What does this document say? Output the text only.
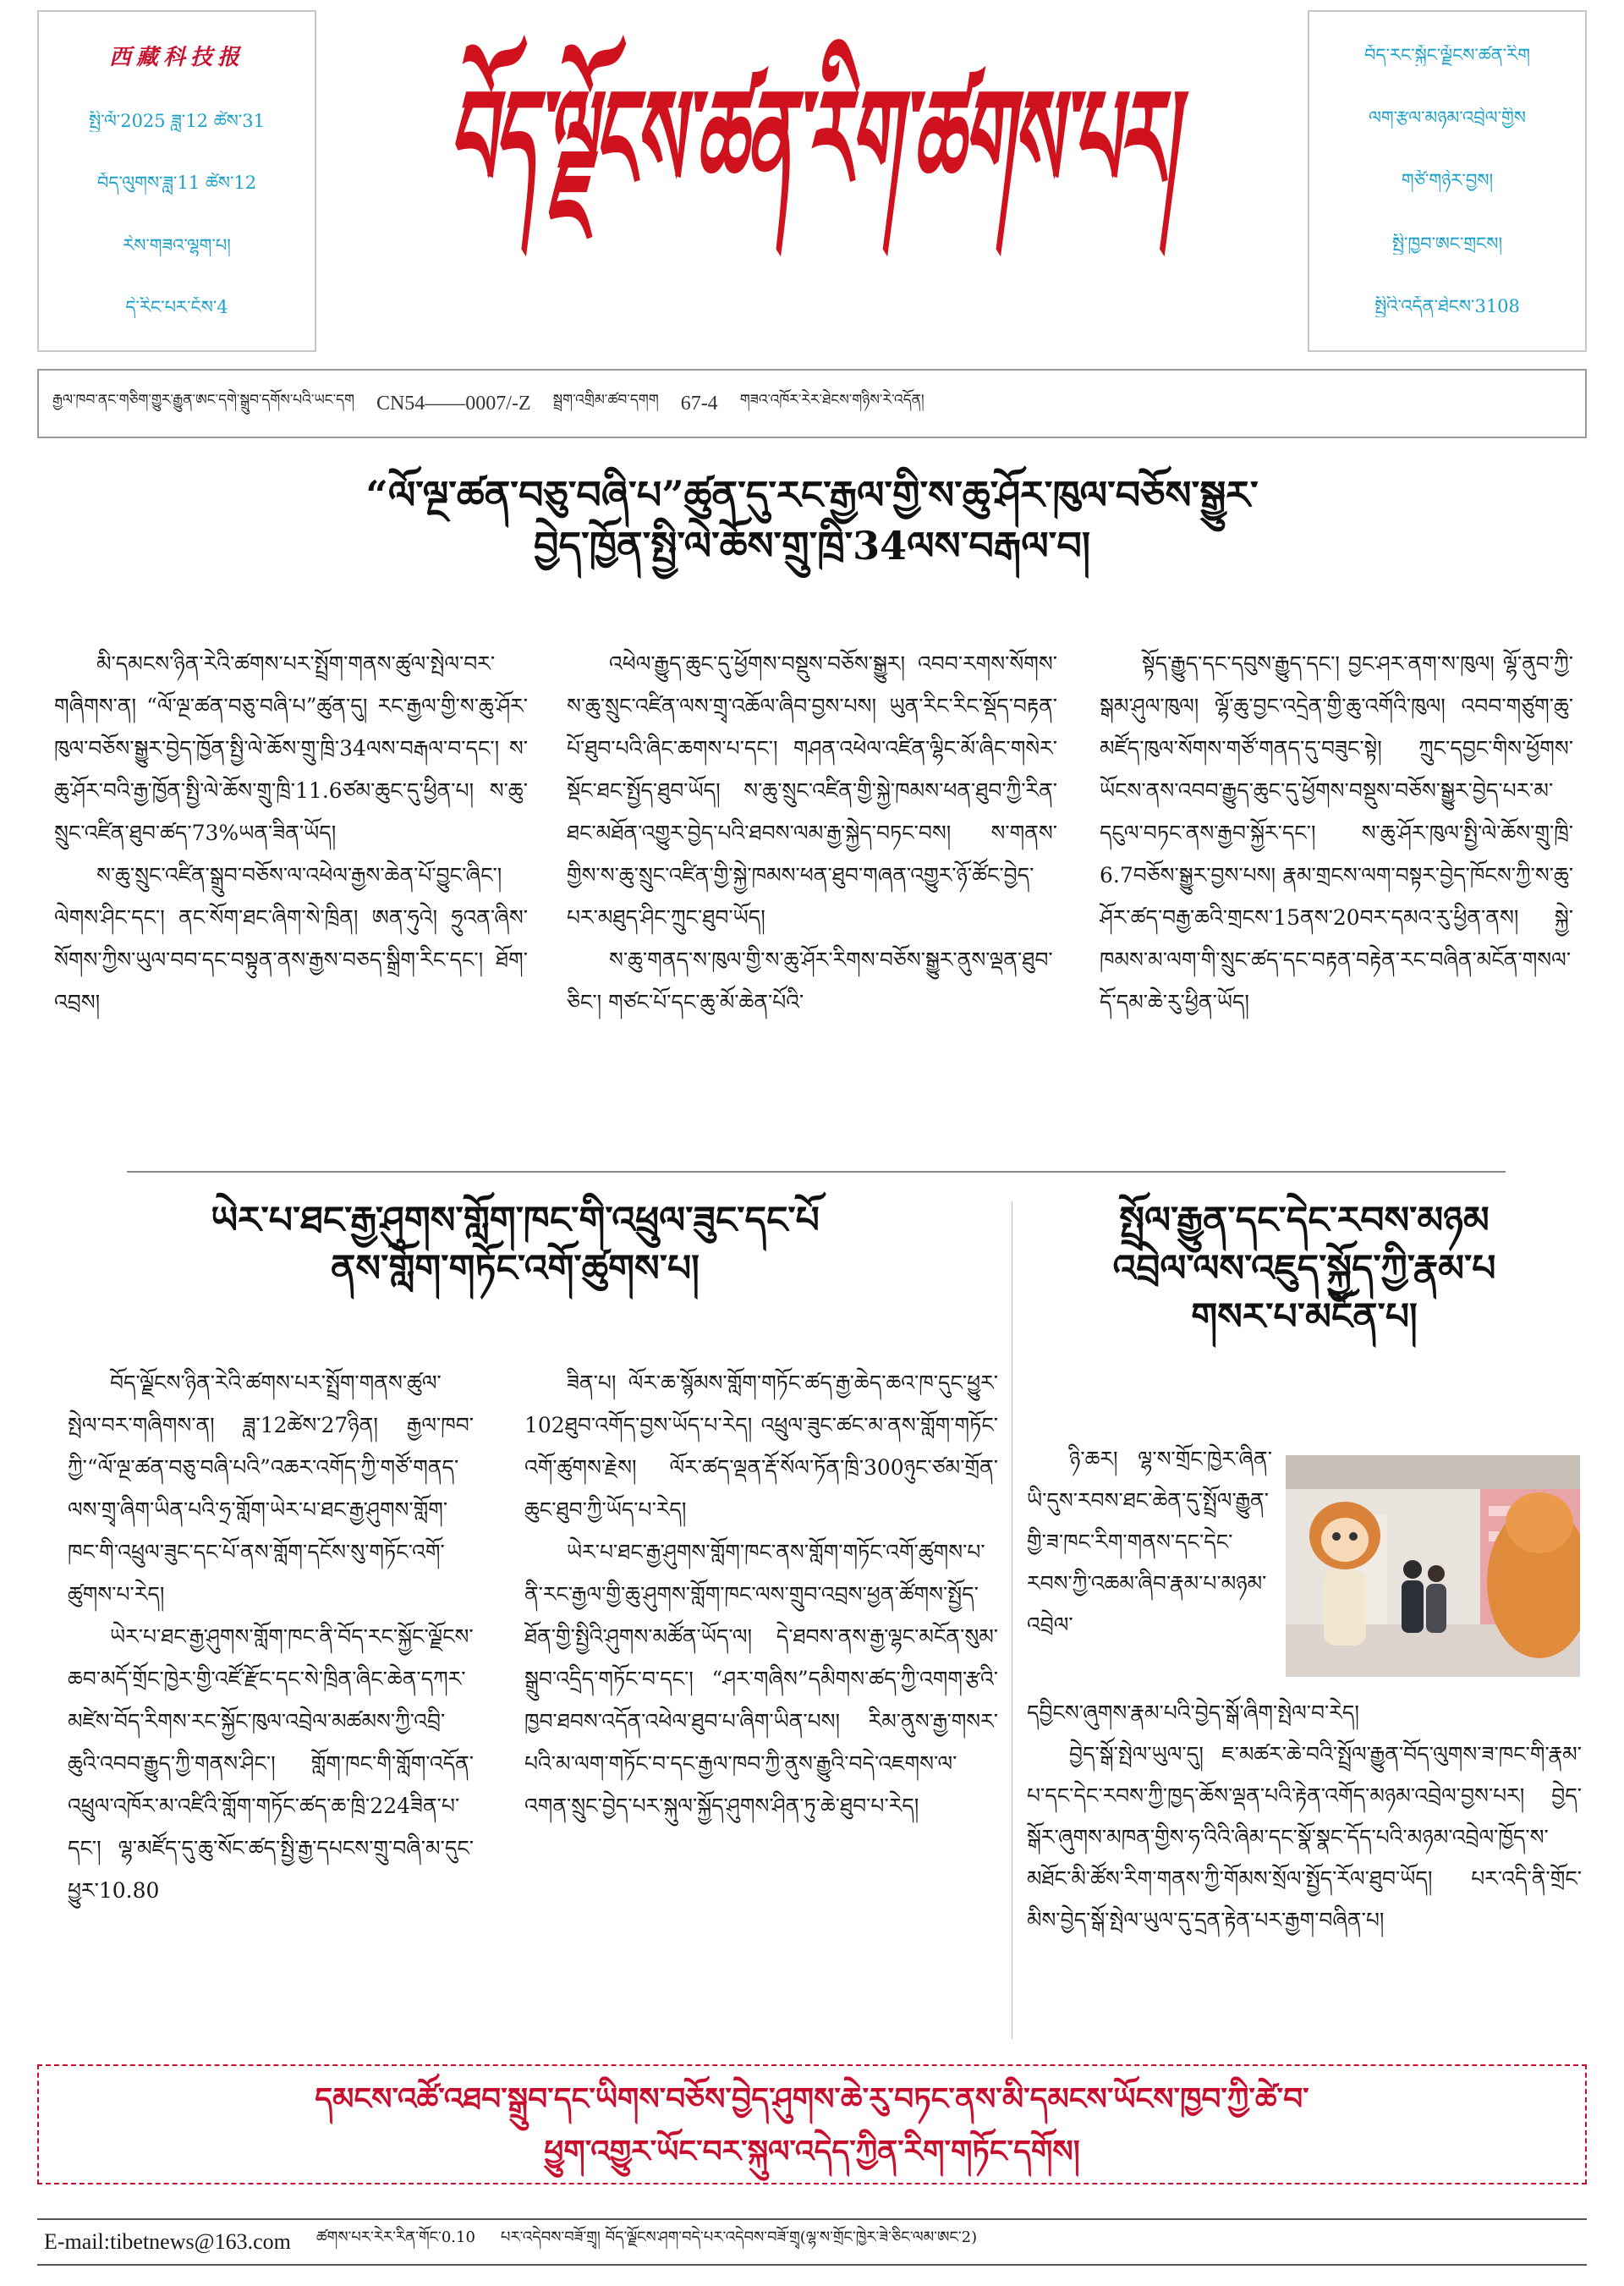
西藏科技报
སྤྱི་ལོ་2025 ཟླ་12 ཚེས་31
བོད་ལུགས་ཟླ་11 ཚེས་12
རེས་གཟའ་ལྷག་པ།
དེ་རིང་པར་ངོས་4
བོད་ལྗོངས་ཚན་རིག་ཚགས་པར།
བོད་རང་སྐྱོང་ལྗོངས་ཚན་རིག
ལག་རྩལ་མཉམ་འབྲེལ་གྱིས
གཙོ་གཉེར་བྱས།
སྤྱི་ཁྱབ་ཨང་གྲངས།
སྤྱིའི་འདོན་ཐེངས་3108
རྒྱལ་ཁབ་ནང་གཅིག་གྱུར་རྒྱུན་ཨང་དགེ་སྒྲུབ་དགོས་པའི་ཡང་དག CN54——0007/-Z སྦྲག་འགྲིམ་ཚབ་དགག 67-4 གཟའ་འཁོར་རེར་ཐེངས་གཉིས་རེ་འདོན།
“ལོ་ལྔ་ཚན་བཅུ་བཞི་པ”ཚུན་དུ་རང་རྒྱལ་གྱི་ས་ཆུ་ཤོར་ཁུལ་བཅོས་སྒྱུར་
བྱེད་ཁྱོན་སྤྱི་ལེ་ཆོས་གྲུ་ཁྲི་34ལས་བརྒལ་བ།

མི་དམངས་ཉིན་རེའི་ཚགས་པར་སྤྲོག་གནས་ཚུལ་སྤེལ་བར་གཞིགས་ན། “ལོ་ལྔ་ཚན་བཅུ་བཞི་པ”ཚུན་དུ། རང་རྒྱལ་གྱི་ས་ཆུ་ཤོར་ཁུལ་བཅོས་སྒྱུར་བྱེད་ཁྱོན་སྤྱི་ལེ་ཆོས་གྲུ་ཁྲི་34ལས་བརྒལ་བ་དང་། ས་ཆུ་ཤོར་བའི་རྒྱ་ཁྱོན་སྤྱི་ལེ་ཆོས་གྲུ་ཁྲི་11.6ཙམ་ཆུང་དུ་ཕྱིན་པ། ས་ཆུ་སྲུང་འཛིན་ཐུབ་ཚད་73%ཡན་ཟིན་ཡོད།

ས་ཆུ་སྲུང་འཛིན་སྒྲུབ་བཅོས་ལ་འཕེལ་རྒྱས་ཆེན་པོ་བྱུང་ཞིང་། ལེགས་ཤིང་དང་། ནང་སོག་ཐང་ཞིག་སེ་ཁྲིན། ཨན་ཧུའེ། ཧྲུའན་ཞིས་སོགས་ཀྱིས་ཡུལ་བབ་དང་བསྟུན་ནས་རྒྱས་བཅད་སྒྲིག་རིང་དང་། ཐོག་འབྲས།

འཕེལ་རྒྱུད་ཆུང་དུ་ཕྱོགས་བསྡུས་བཅོས་སྒྱུར། འབབ་རགས་སོགས་ས་ཆུ་སྲུང་འཛིན་ལས་གྲྭ་འཆོལ་ཞིབ་བྱས་པས། ཡུན་རིང་རིང་སྡོད་བརྟན་པོ་ཐུབ་པའི་ཞིང་ཆགས་པ་དང་། གཤན་འཕེལ་འཛིན་ལྷིང་མོ་ཞིང་གསེར་སྡོང་ཐང་སྤྱོད་ཐུབ་ཡོད། ས་ཆུ་སྲུང་འཛིན་གྱི་སྐྱེ་ཁམས་ཕན་ཐུབ་ཀྱི་རིན་ཐང་མཐོན་འགྱུར་བྱེད་པའི་ཐབས་ལམ་རྒྱ་སྐྱེད་བཏང་བས། ས་གནས་གྱིས་ས་ཆུ་སྲུང་འཛིན་གྱི་སྐྱེ་ཁམས་ཕན་ཐུབ་གཞན་འགྱུར་ཉོ་ཚོང་བྱེད་པར་མཐུད་ཤིང་ཀྲུང་ཐུབ་ཡོད།

ས་ཆུ་གནད་ས་ཁུལ་གྱི་ས་ཆུ་ཤོར་རིགས་བཅོས་སྒྱུར་ནུས་ལྡན་ཐུབ་ཅིང་། གཙང་པོ་དང་ཆུ་མོ་ཆེན་པོའི་

སྟོད་རྒྱུད་དང་དབུས་རྒྱུད་དང་། བྱང་ཤར་ནག་ས་ཁུལ། ལྷོ་ནུབ་ཀྱི་སྒམ་ཤུལ་ཁུལ། ལྷོ་ཆུ་བྱང་འདྲེན་གྱི་ཆུ་འགོའི་ཁུལ། འབབ་གཙུག་ཆུ་མཛོད་ཁུལ་སོགས་གཙོ་གནད་དུ་བཟུང་སྟེ། ཀྲུང་དབྱང་གིས་ཕྱོགས་ཡོངས་ནས་འབབ་རྒྱུད་ཆུང་དུ་ཕྱོགས་བསྡུས་བཅོས་སྒྱུར་བྱེད་པར་མ་དངུལ་བཏང་ནས་རྒྱབ་སྐྱོར་དང་། ས་ཆུ་ཤོར་ཁུལ་སྤྱི་ལེ་ཆོས་གྲུ་ཁྲི་6.7བཅོས་སྒྱུར་བྱས་པས། རྣམ་གྲངས་ལག་བསྟར་བྱེད་ཁོངས་ཀྱི་ས་ཆུ་ཤོར་ཚད་བརྒྱ་ཆའི་གྲངས་15ནས་20བར་དམའ་རུ་ཕྱིན་ནས། སྐྱེ་ཁམས་མ་ལག་གི་སྲུང་ཚད་དང་བརྟན་བརྟེན་རང་བཞིན་མངོན་གསལ་དོ་དམ་ཆེ་རུ་ཕྱིན་ཡོད།

ཡེར་པ་ཐང་རྒྱ་ཤུགས་གློག་ཁང་གི་འཕྲུལ་ཟུང་དང་པོ
ནས་གློག་གཏོང་འགོ་ཚུགས་པ།

བོད་ལྗོངས་ཉིན་རེའི་ཚགས་པར་སྤྲོག་གནས་ཚུལ་སྤེལ་བར་གཞིགས་ན། ཟླ་12ཚེས་27ཉིན། རྒྱལ་ཁབ་ཀྱི་“ལོ་ལྔ་ཚན་བཅུ་བཞི་པའི”འཆར་འགོད་ཀྱི་གཙོ་གནད་ལས་གྲྭ་ཞིག་ཡིན་པའི་ཧྲ་གློག་ཡེར་པ་ཐང་རྒྱ་ཤུགས་གློག་ཁང་གི་འཕྲུལ་ཟུང་དང་པོ་ནས་གློག་དངོས་སུ་གཏོང་འགོ་ཚུགས་པ་རེད།

ཡེར་པ་ཐང་རྒྱ་ཤུགས་གློག་ཁང་ནི་བོད་རང་སྐྱོང་ལྗོངས་ཆབ་མདོ་གྲོང་ཁྱེར་གྱི་འཛོ་རྫོང་དང་སེ་ཁྲིན་ཞིང་ཆེན་དཀར་མཛེས་བོད་རིགས་རང་སྐྱོང་ཁུལ་འབྲེལ་མཚམས་ཀྱི་འབྲི་ཆུའི་འབབ་རྒྱུད་ཀྱི་གནས་ཤིང་། གློག་ཁང་གི་གློག་འདོན་འཕྲུལ་འཁོར་མ་འཛིའི་གློག་གཏོང་ཚད་ཆ་ཁྲི་224ཟིན་པ་དང་། ལྷ་མཛོད་དུ་ཆུ་སོང་ཚད་སྤྱི་རྒྱ་དཔངས་གྲུ་བཞི་མ་དུང་ཕྱུར་10.80

ཟིན་པ། ལོར་ཆ་སྙོམས་གློག་གཏོང་ཚད་རྒྱ་ཆེད་ཆའ་ཁ་དུང་ཕྱུར་102ཐུབ་འགོད་བྱས་ཡོད་པ་རེད། འཕྲུལ་ཟུང་ཚང་མ་ནས་གློག་གཏོང་འགོ་ཚུགས་རྗེས། ལོར་ཚད་ལྡན་རྡོ་སོལ་ཏོན་ཁྲི་300ཉུང་ཙམ་གྲོན་ཆུང་ཐུབ་ཀྱི་ཡོད་པ་རེད།

ཡེར་པ་ཐང་རྒྱ་ཤུགས་གློག་ཁང་ནས་གློག་གཏོང་འགོ་ཚུགས་པ་ནི་རང་རྒྱལ་གྱི་ཆུ་ཤུགས་གློག་ཁང་ལས་གྲུབ་འབྲས་ཕྱན་ཚོགས་སྤྱོད་ཐོན་གྱི་སྤྱིའི་ཤུགས་མཚོན་ཡོད་ལ། དེ་ཐབས་ནས་རྒྱ་ལྷང་མངོན་སུམ་སྒྲུབ་འདྲིད་གཏོང་བ་དང་། “ཤར་གཞིས”དམིགས་ཚད་ཀྱི་འགག་རྩའི་ཁྱབ་ཐབས་འདོན་འཕེལ་ཐུབ་པ་ཞིག་ཡིན་པས། རིམ་ནུས་རྒྱ་གསར་པའི་མ་ལག་གཏོང་བ་དང་རྒྱལ་ཁབ་ཀྱི་ནུས་རྒྱུའི་བདེ་འཇགས་ལ་འགན་སྲུང་བྱེད་པར་སྐུལ་སྐྱོད་ཤུགས་ཤིན་ཏུ་ཆེ་ཐུབ་པ་རེད།

སྤྲོལ་རྒྱུན་དང་དེང་རབས་མཉམ
འབྲེལ་ལས་འཇུད་སྐྱོད་ཀྱི་རྣམ་པ
གསར་པ་མངོན་པ།

ཉི་ཆར། ལྷ་ས་གྲོང་ཁྱེར་ཞིན་ཡི་དུས་རབས་ཐང་ཆེན་དུ་སྤྲོལ་རྒྱུན་གྱི་ཟ་ཁང་རིག་གནས་དང་དེང་རབས་ཀྱི་འཆམ་ཞིབ་རྣམ་པ་མཉམ་འབྲེལ་

དབྱིངས་ཞུགས་རྣམ་པའི་བྱེད་སྒོ་ཞིག་སྤེལ་བ་རེད།

བྱེད་སྒོ་སྤེལ་ཡུལ་དུ། ཇ་མཚར་ཆེ་བའི་སྤྲོལ་རྒྱུན་བོད་ལུགས་ཟ་ཁང་གི་རྣམ་པ་དང་དེང་རབས་ཀྱི་ཁྱད་ཆོས་ལྡན་པའི་རྟེན་འགོད་མཉམ་འབྲེལ་བྱས་པར། བྱེད་སྒོར་ཞུགས་མཁན་གྱིས་ཧ་འིའི་ཞིམ་དང་སྣོ་སྣང་དོད་པའི་མཉམ་འབྲེལ་ཁྱོད་ས་མཐོང་མི་ཚོས་རིག་གནས་ཀྱི་གོམས་སྲོལ་སྤྱོད་རོལ་ཐུབ་ཡོད། པར་འདི་ནི་གྲོང་མིས་བྱེད་སྒོ་སྤེལ་ཡུལ་དུ་དྲན་རྟེན་པར་རྒྱག་བཞིན་པ།

དམངས་འཚོ་འཐབ་སྒྲུབ་དང་ཡིགས་བཅོས་བྱེད་ཤུགས་ཆེ་རུ་བཏང་ནས་མི་དམངས་ཡོངས་ཁྱབ་ཀྱི་ཚེ་བ་
ཕྱུག་འགྱུར་ཡོང་བར་སྐུལ་འདེད་ཀྱིན་རིག་གཏོང་དགོས།
E-mail:tibetnews@163.com ཚགས་པར་རེར་རིན་གོང་0.10 པར་འདེབས་བཟོ་གྲྭ། བོད་ལྗོངས་ཤག་བདེ་པར་འདེབས་བཟོ་གྲྭ(ལྷ་ས་གྲོང་ཁྱེར་ཟེ་ཅིང་ལམ་ཨང་2)
